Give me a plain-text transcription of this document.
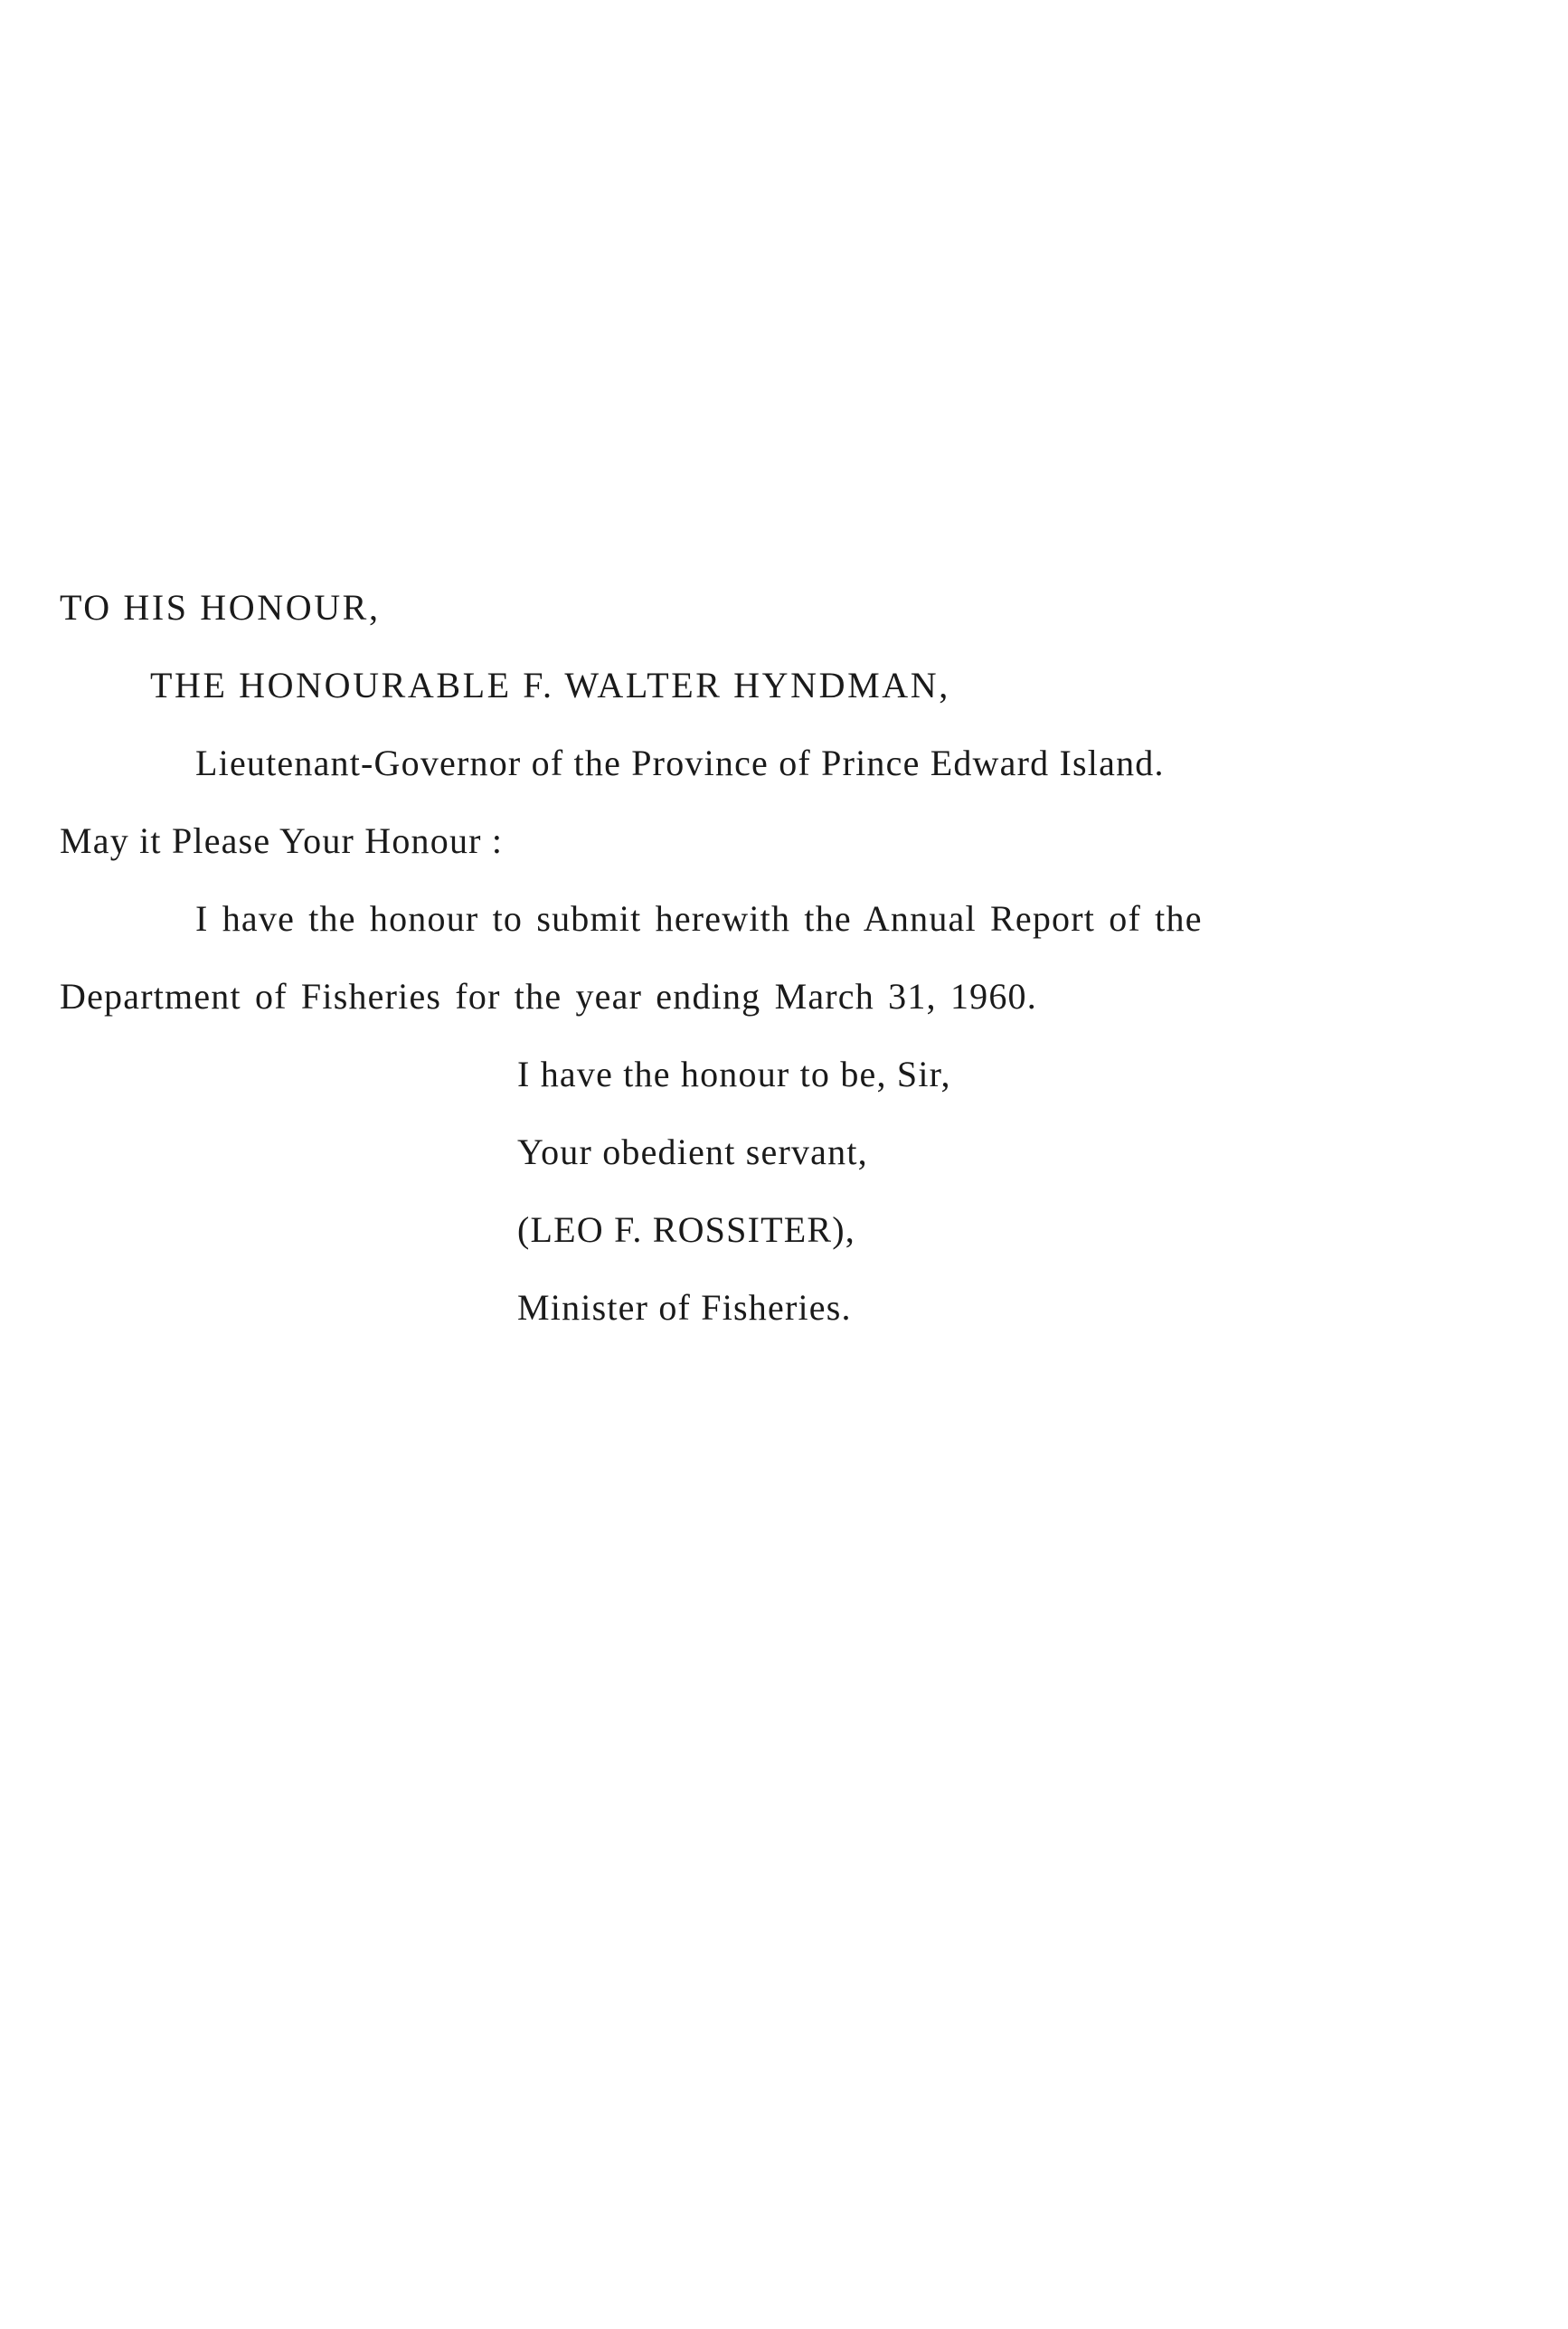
TO HIS HONOUR,
THE HONOURABLE F. WALTER HYNDMAN,
Lieutenant-Governor of the Province of Prince Edward Island.
May it Please Your Honour :
I have the honour to submit herewith the Annual Report of the
Department of Fisheries for the year ending March 31, 1960.
I have the honour to be, Sir,
Your obedient servant,
(LEO F. ROSSITER),
Minister of Fisheries.
